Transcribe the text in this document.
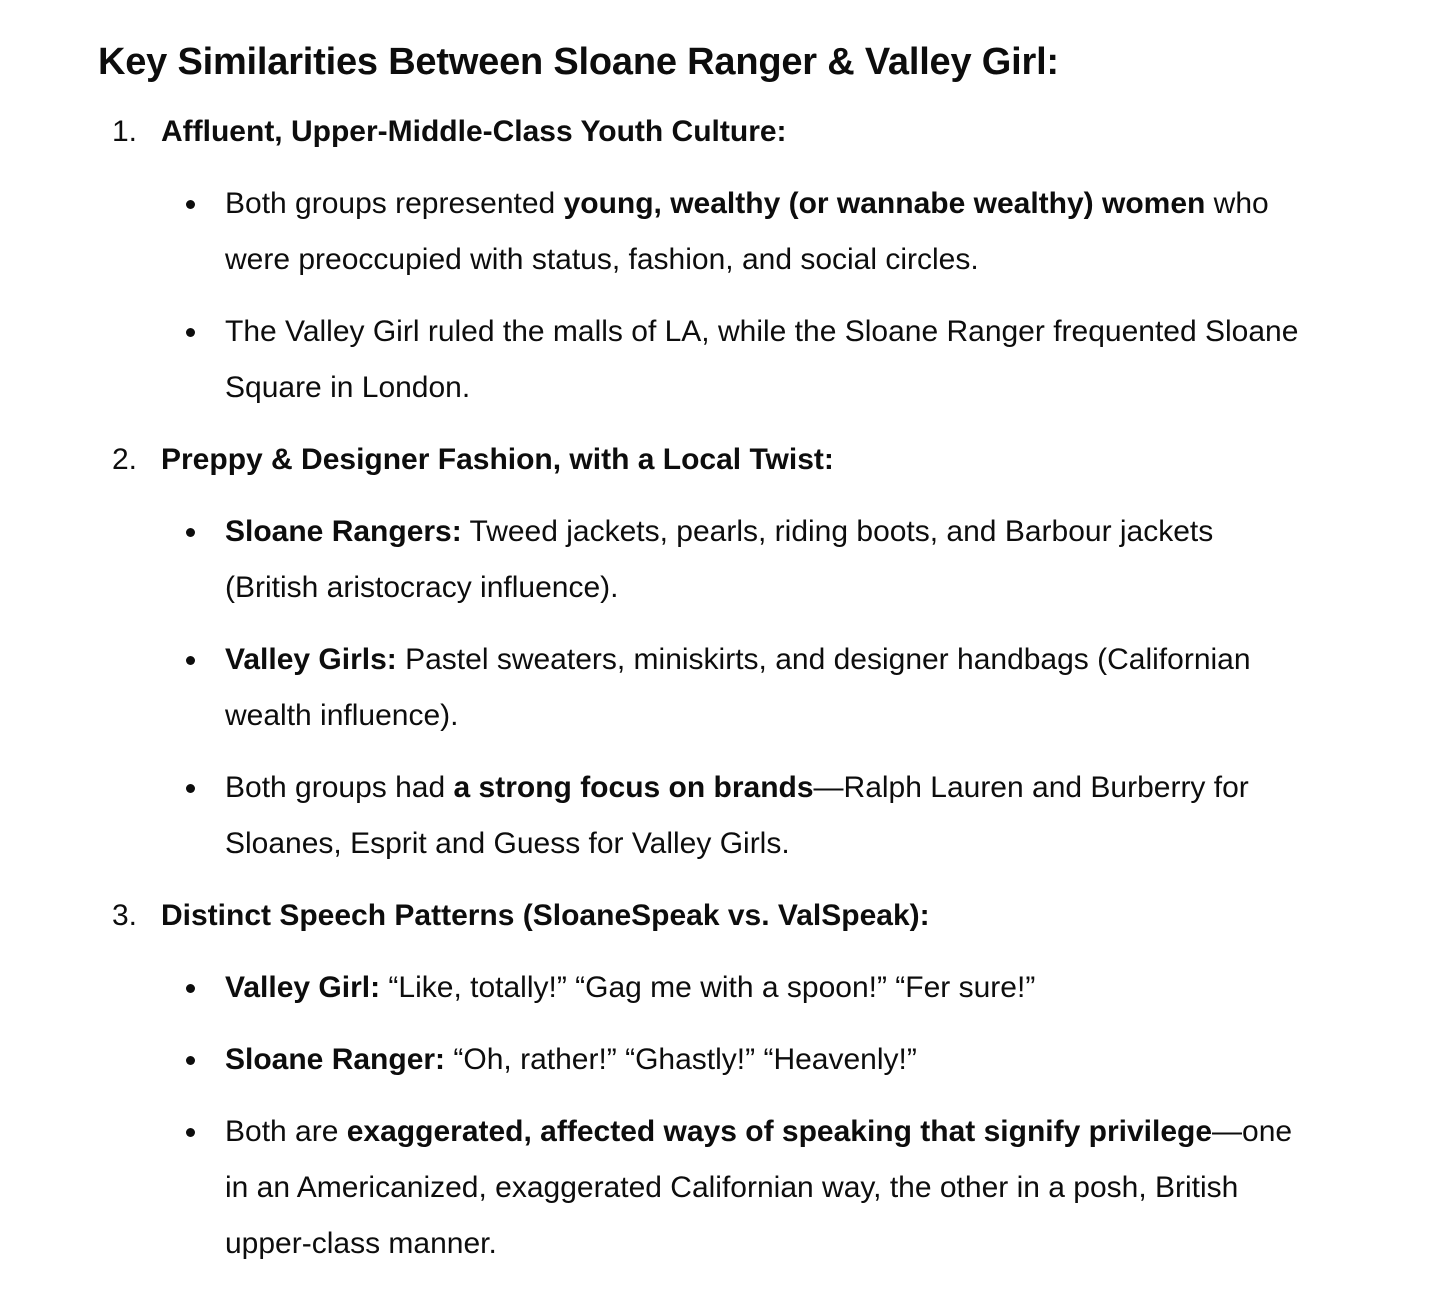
Key Similarities Between Sloane Ranger & Valley Girl:
1. Affluent, Upper-Middle-Class Youth Culture:
Both groups represented young, wealthy (or wannabe wealthy) women who were preoccupied with status, fashion, and social circles.
The Valley Girl ruled the malls of LA, while the Sloane Ranger frequented Sloane Square in London.
2. Preppy & Designer Fashion, with a Local Twist:
Sloane Rangers: Tweed jackets, pearls, riding boots, and Barbour jackets (British aristocracy influence).
Valley Girls: Pastel sweaters, miniskirts, and designer handbags (Californian wealth influence).
Both groups had a strong focus on brands—Ralph Lauren and Burberry for Sloanes, Esprit and Guess for Valley Girls.
3. Distinct Speech Patterns (SloaneSpeak vs. ValSpeak):
Valley Girl: “Like, totally!” “Gag me with a spoon!” “Fer sure!”
Sloane Ranger: “Oh, rather!” “Ghastly!” “Heavenly!”
Both are exaggerated, affected ways of speaking that signify privilege—one in an Americanized, exaggerated Californian way, the other in a posh, British upper-class manner.
